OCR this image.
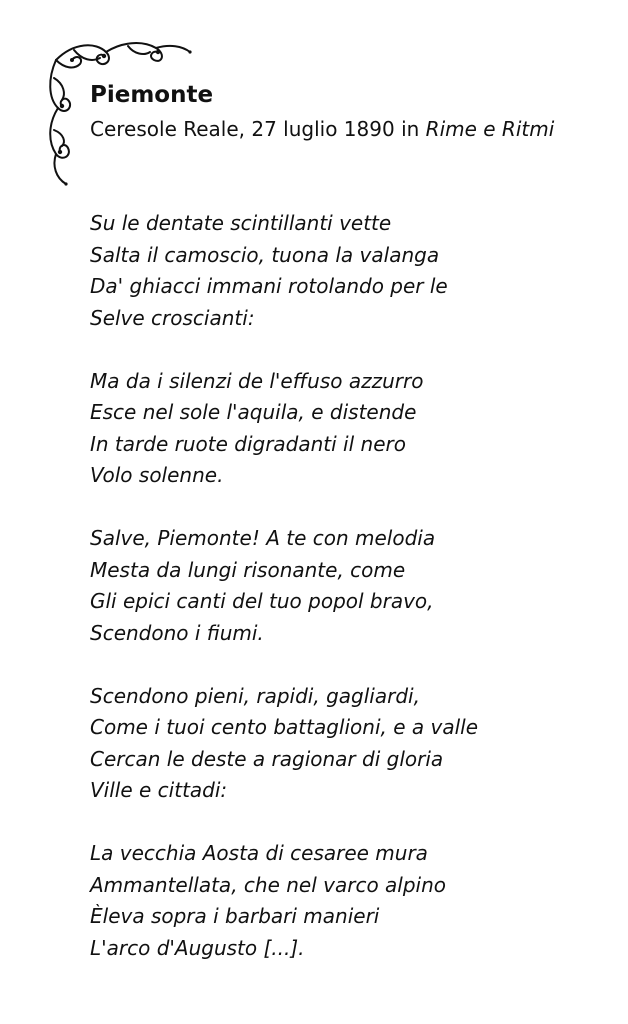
Piemonte
Ceresole Reale, 27 luglio 1890 in Rime e Ritmi
Su le dentate scintillanti vette
Salta il camoscio, tuona la valanga
Da' ghiacci immani rotolando per le
Selve croscianti:
Ma da i silenzi de l'effuso azzurro
Esce nel sole l'aquila, e distende
In tarde ruote digradanti il nero
Volo solenne.
Salve, Piemonte! A te con melodia
Mesta da lungi risonante, come
Gli epici canti del tuo popol bravo,
Scendono i fiumi.
Scendono pieni, rapidi, gagliardi,
Come i tuoi cento battaglioni, e a valle
Cercan le deste a ragionar di gloria
Ville e cittadi:
La vecchia Aosta di cesaree mura
Ammantellata, che nel varco alpino
Èleva sopra i barbari manieri
L'arco d'Augusto [...].
